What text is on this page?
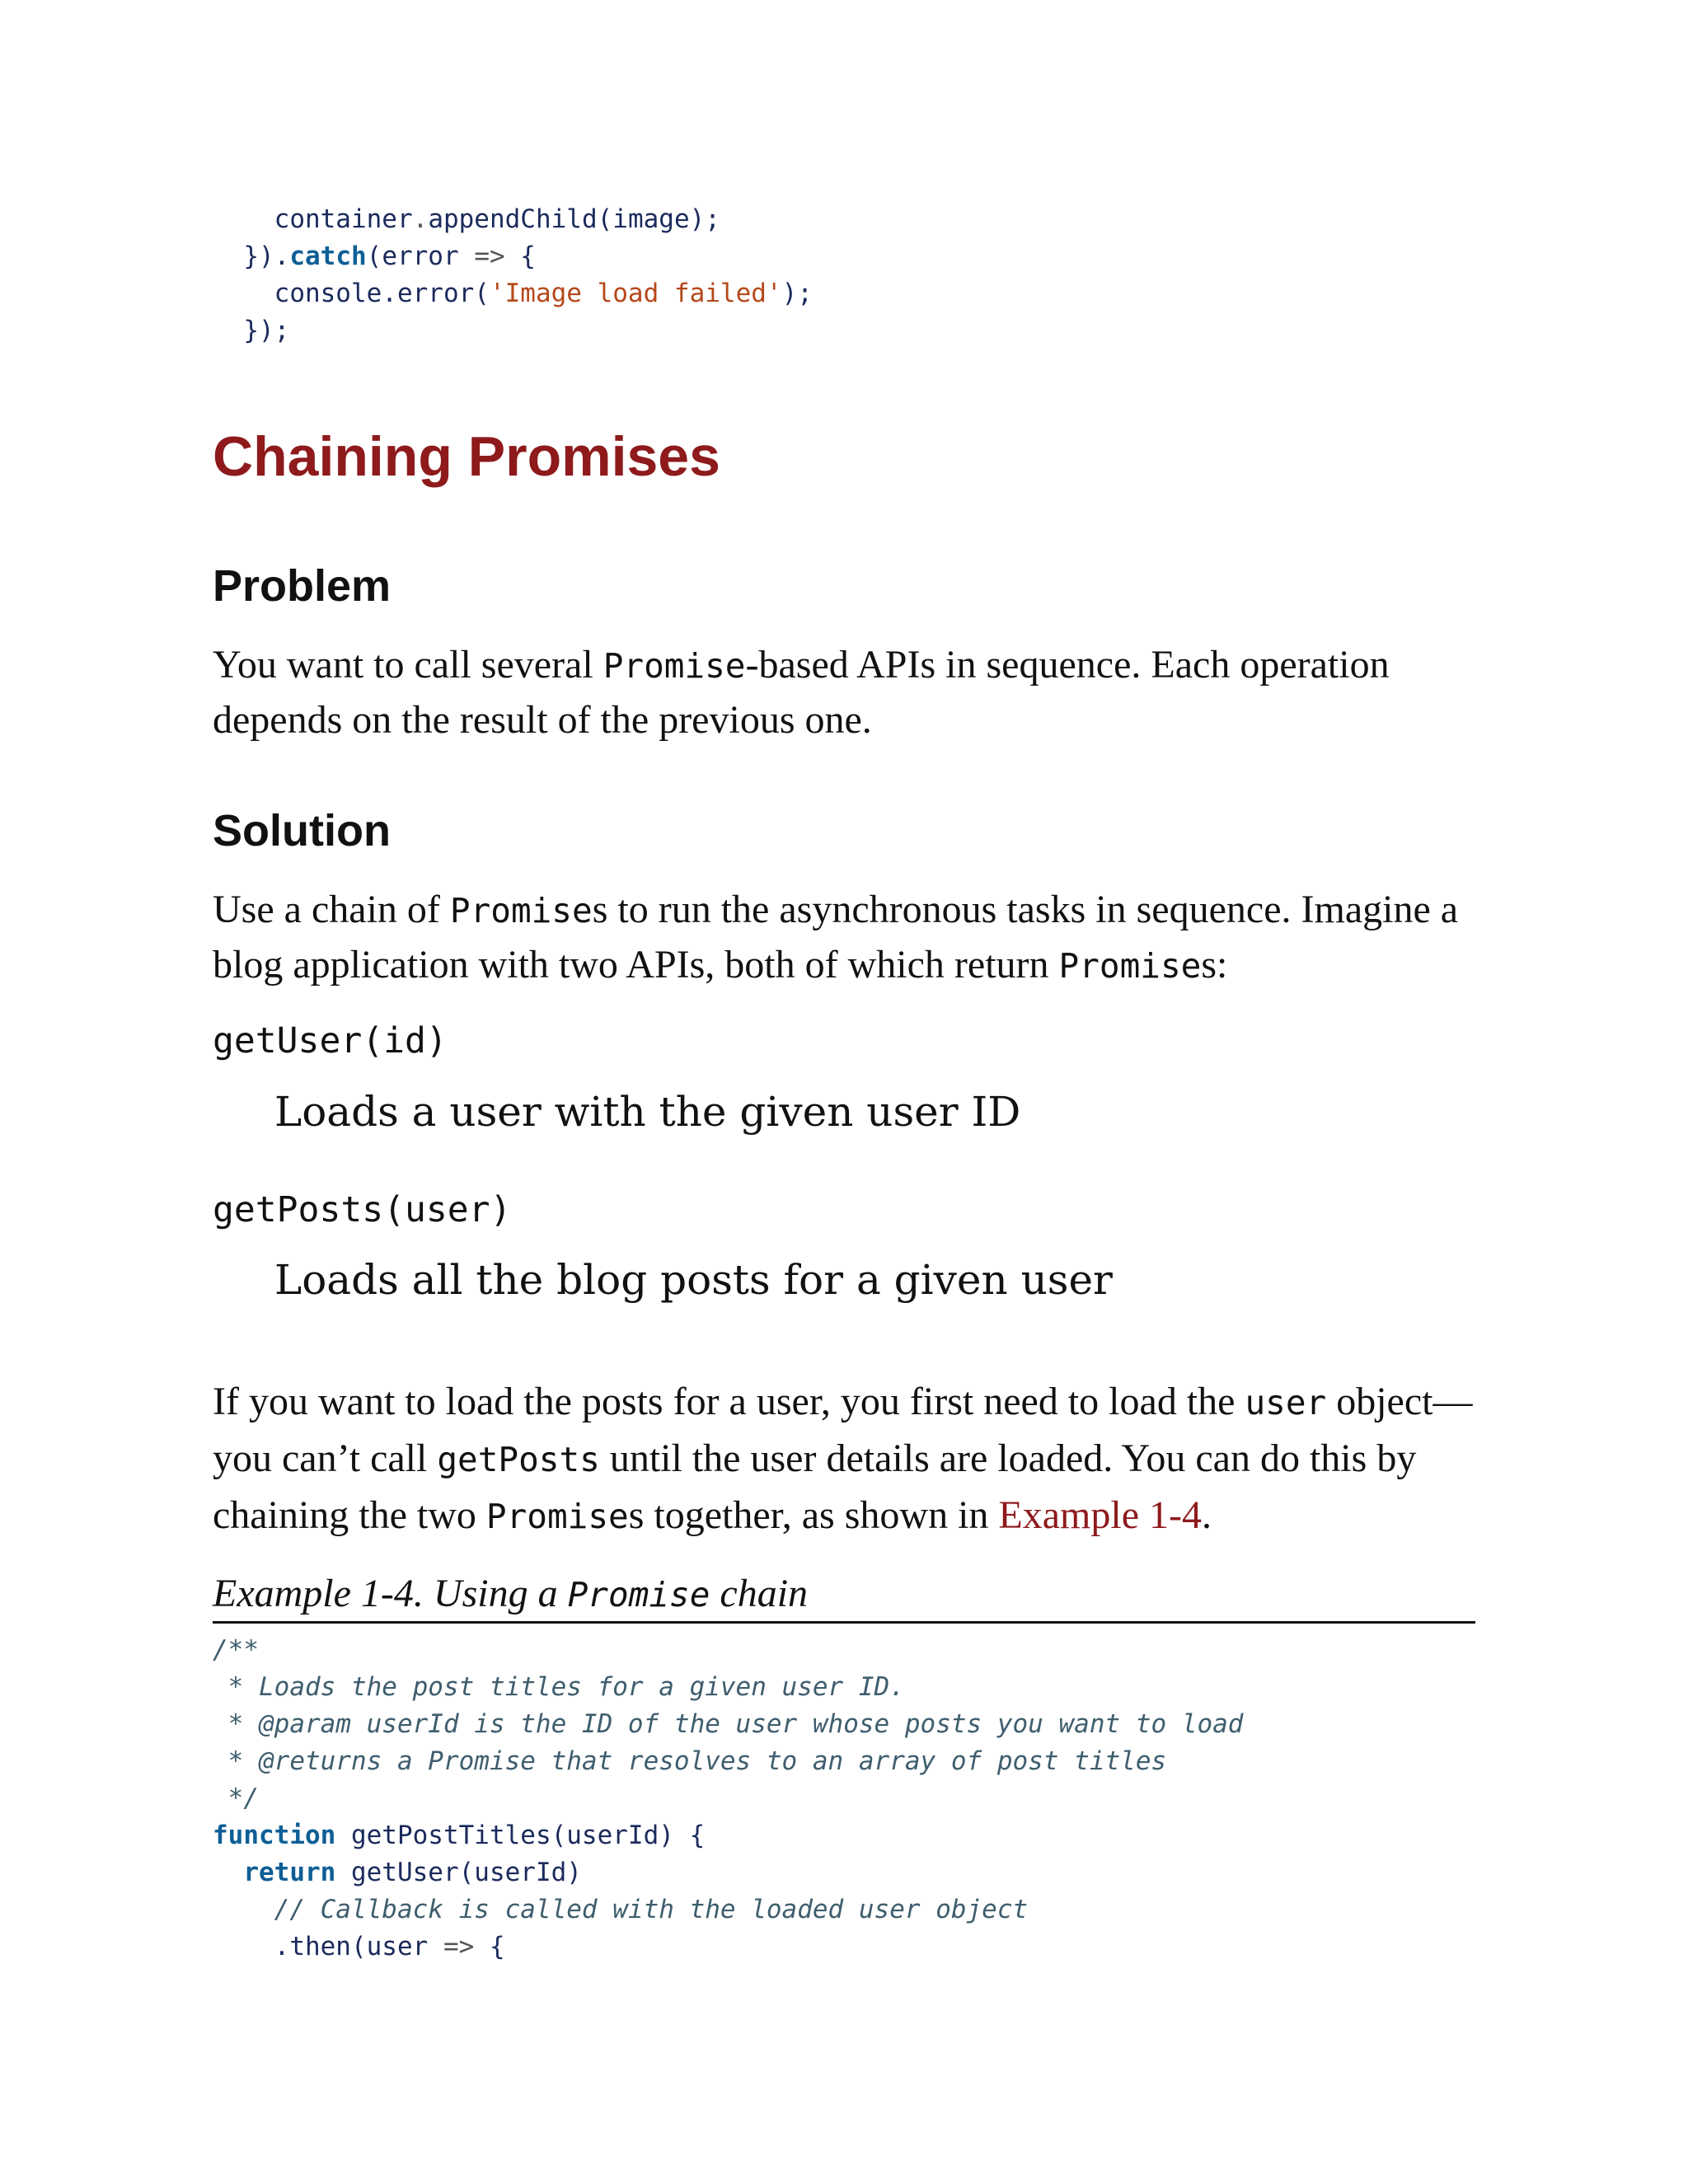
container.appendChild(image);
}).catch(error => {
console.error('Image load failed');
});
Chaining Promises
Problem
You want to call several Promise-based APIs in sequence. Each operation depends on the result of the previous one.
Solution
Use a chain of Promises to run the asynchronous tasks in sequence. Imagine a blog application with two APIs, both of which return Promises:
getUser(id)
Loads a user with the given user ID
getPosts(user)
Loads all the blog posts for a given user
If you want to load the posts for a user, you first need to load the user object—you can’t call getPosts until the user details are loaded. You can do this by chaining the two Promises together, as shown in Example 1-4.
Example 1-4. Using a Promise chain
/**
* Loads the post titles for a given user ID.
* @param userId is the ID of the user whose posts you want to load
* @returns a Promise that resolves to an array of post titles
*/
function getPostTitles(userId) {
return getUser(userId)
// Callback is called with the loaded user object
.then(user => {
